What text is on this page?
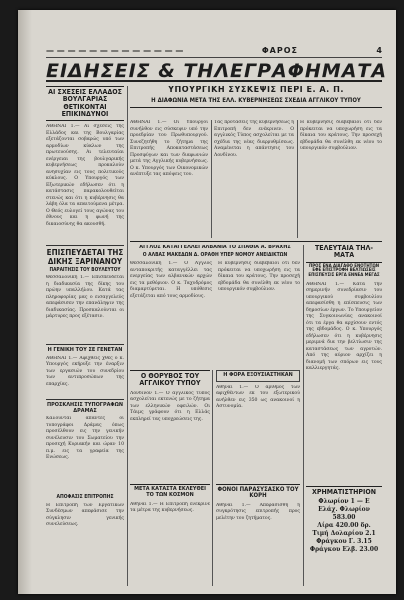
— — — — — — — — — — — — —	ΦΑΡΟΣ	4
ΕΙΔΗΣΕΙΣ & ΤΗΛΕΓΡΑΦΗΜΑΤΑ
ΑΙ ΣΧΕΣΕΙΣ ΕΛΛΑΔΟΣ ΒΟΥΛΓΑΡΙΑΣ ΘΕΤΙΚΟΝΤΑΙ ΕΠΙΚΙΝΔΥΝΟΙ
ΑΘΗΝΑΙ 1.— Αι σχέσεις της Ελλάδος και της Βουλγαρίας εξετάζονται σοβαρώς υπό των αρμοδίων κύκλων της πρωτευούσης. Αι τελευταίαι ενέργειαι της βουλγαρικής κυβερνήσεως προκαλούν ανησυχίαν εις τους πολιτικούς κύκλους. Ο Υπουργός των Εξωτερικών εδήλωσεν ότι η κατάστασις παρακολουθείται στενώς και ότι η κυβέρνησις θα λάβη όλα τα απαιτούμενα μέτρα. Ο Θεός ευλογεί τους αγώνας του έθνους και η φωνή της δικαιοσύνης θα ακουσθή.
ΕΠΙΣΠΕΥΔΕΤΑΙ ΤΗΣ ΔΙΚΗΣ ΞΑΡΙΝΑΝΟΥ
ΠΑΡΑΙΤΗΣΙΣ ΤΟΥ ΒΟΥΛΕΥΤΟΥ
Θεσσαλονίκη 1.— Επισπεύδεται η διαδικασία της δίκης του πρώην υπαλλήλου. Κατά τας πληροφορίας μας ο εισαγγελεύς απεφάσισεν την επανάληψιν της διαδικασίας. Προσκαλούνται οι μάρτυρες προς εξέτασιν.
Η ΓΕΝΙΚΗ ΤΟΥ ΣΕ ΓΕΝΕΤΑΝ
ΑΘΗΝΑΙ 1.— Αφιχθείς χθες ο κ. Υπουργός εκήρυξε την έναρξιν των εργασιών του συνεδρίου των αντιπροσώπων της επαρχίας.
ΠΡΟΣΚΛΗΣΙΣ ΤΥΠΟΓΡΑΦΩΝ ΔΡΑΜΑΣ
Καλούνται άπαντες οι τυπογράφοι Δράμας όπως προσέλθουν εις την γενικήν συνέλευσιν του Σωματείου την προσεχή Κυριακήν και ώραν 10 π.μ. εις τα γραφεία της Ενώσεως.
ΑΠΟΦΑΣΙΣ ΕΠΙΤΡΟΠΗΣ
Η Επιτροπή των Εργατικών Συνδέσμων απεφάσισε την σύγκλησιν γενικής συνελεύσεως.
ΥΠΟΥΡΓΙΚΗ ΣΥΣΚΕΨΙΣ ΠΕΡΙ Ε. Α. Π.
Η ΔΙΑΦΩΝΙΑ ΜΕΤΑ ΤΗΣ ΕΛΛ. ΚΥΒΕΡΝΗΣΕΩΣ ΣΧΕΔΙΑ ΑΓΓΛΙΚΟΥ ΤΥΠΟΥ
ΑΘΗΝΑΙ 1.— Οι Υπουργοί συνήλθον εις σύσκεψιν υπό την προεδρίαν του Πρωθυπουργού. Συνεζητήθη το ζήτημα της Επιτροπής Αποκαταστάσεως Προσφύγων και των διαφωνιών μετά της Αγγλικής κυβερνήσεως. Ο κ. Υπουργός των Οικονομικών ανέπτυξε τας απόψεις του.
Τας προτάσεις της κυβερνήσεως η Επιτροπή δεν ενέκρινεν. Ο αγγλικός Τύπος ασχολείται με τα σχέδια της νέας διαρρυθμίσεως. Αναμένεται η απάντησις του Λονδίνου.
Η κυβέρνησις διαβεβαιοί ότι δεν πρόκειται να υποχωρήση εις τα δίκαια του κράτους. Την προσεχή εβδομάδα θα συνέλθη εκ νέου το υπουργικόν συμβούλιον.
ΑΓΓΛΟΣ ΚΑΤΑΓΓΕΛΛΕΙ ΑΛΒΑΝΙΑ ΤΟ ΣΠΑΘΙΑ Α. ΒΡΑΧΗΣ
Ο ΑΛΒΑΣ ΜΑΚΕΔΩΝ Δ. ΟΡΑΘΗ ΥΠΕΡ ΝΟΜΟΥ ΑΝΕΙΔΙΚΤΩΝ
Θεσσαλονίκη 1.— Ο Άγγλος ανταποκριτής καταγγέλλει τας ενεργείας των αλβανικών αρχών εις τα μεθόριον. Ο κ. Ταχυδρόμος διαμαρτύρεται. Η υπόθεσις εξετάζεται από τους αρμοδίους.
Η κυβέρνησις διαβεβαιοί ότι δεν πρόκειται να υποχωρήση εις τα δίκαια του κράτους. Την προσεχή εβδομάδα θα συνέλθη εκ νέου το υπουργικόν συμβούλιον.
Ο ΘΟΡΥΒΟΣ ΤΟΥ ΑΓΓΛΙΚΟΥ ΤΥΠΟΥ
Λονδίνον 1.— Ο αγγλικός τύπος ασχολείται εκτενώς με το ζήτημα των ελληνικών οφειλών. Οι Τάιμς γράφουν ότι η Ελλάς εκπληρεί τας υποχρεώσεις της.
ΜΕΤΑ ΚΑΤΑΣΤΑ ΕΚΛΕΥΘΕΙ ΤΟ ΤΩΝ ΚΟΣΜΟΝ
Αθήναι 1.— Η Επιτροπή ενέκρινε τα μέτρα της κυβερνήσεως.
Η ΦΟΡΑ ΕΞΟΥΣΙΑΣΤΗΚΑΝ
Αθήναι 1.— Ο αριθμός των αφιχθέντων εκ του εξωτερικού ανήλθεν εις 350 ως ανακοινοί η Αστυνομία.
ΦΟΝΟΙ ΠΑΡΑΣΥΣΑΣΚΟ ΤΟΥ ΚΟΡΗ
Αθήναι 1.— Απεφασίσθη η συγκρότησις επιτροπής προς μελέτην του ζητήματος.
ΤΕΛΕΥΤΑΙΑ ΤΗΛ-ΜΑΤΑ
ΠΡΟΣ ΕΝΑ ΔΙΑΓΑΘΟ ΕΝΟΤΗΤΩΝ ΕΦΕ ΕΠΙΣΤΡΟΦΗ ΒΕΛΤΙΩΣΕΙΣ ΕΠΙΣΠΕΥΣΙΣ ΕΡΓΑ ΕΝΝΕΑ ΜΕΓΑΣ
ΑΘΗΝΑΙ 1.— Κατά την σημερινήν συνεδρίασιν του υπουργικού συμβουλίου απεφασίσθη η επίσπευσις των δημοσίων έργων. Το Υπουργείον της Συγκοινωνίας ανακοινοί ότι τα έργα θα αρχίσουν εντός της εβδομάδος. Ο κ. Υπουργός εδήλωσεν ότι η κυβέρνησις μεριμνά δια την βελτίωσιν της καταστάσεως των αγροτών. Από της αύριον αρχίζει η διανομή των σπόρων εις τους καλλιεργητάς.
ΧΡΗΜΑΤΙΣΤΗΡΙΟΝ
Φλωρίον 1 — Ε
Ελάχ. Φλωρίον 583.00
Λίρα 420.00 δρ.
Τιμή Δολαρίου 2.1
Φράγκου Γ. 3.15
Φράγκου Ελβ. 23.00
